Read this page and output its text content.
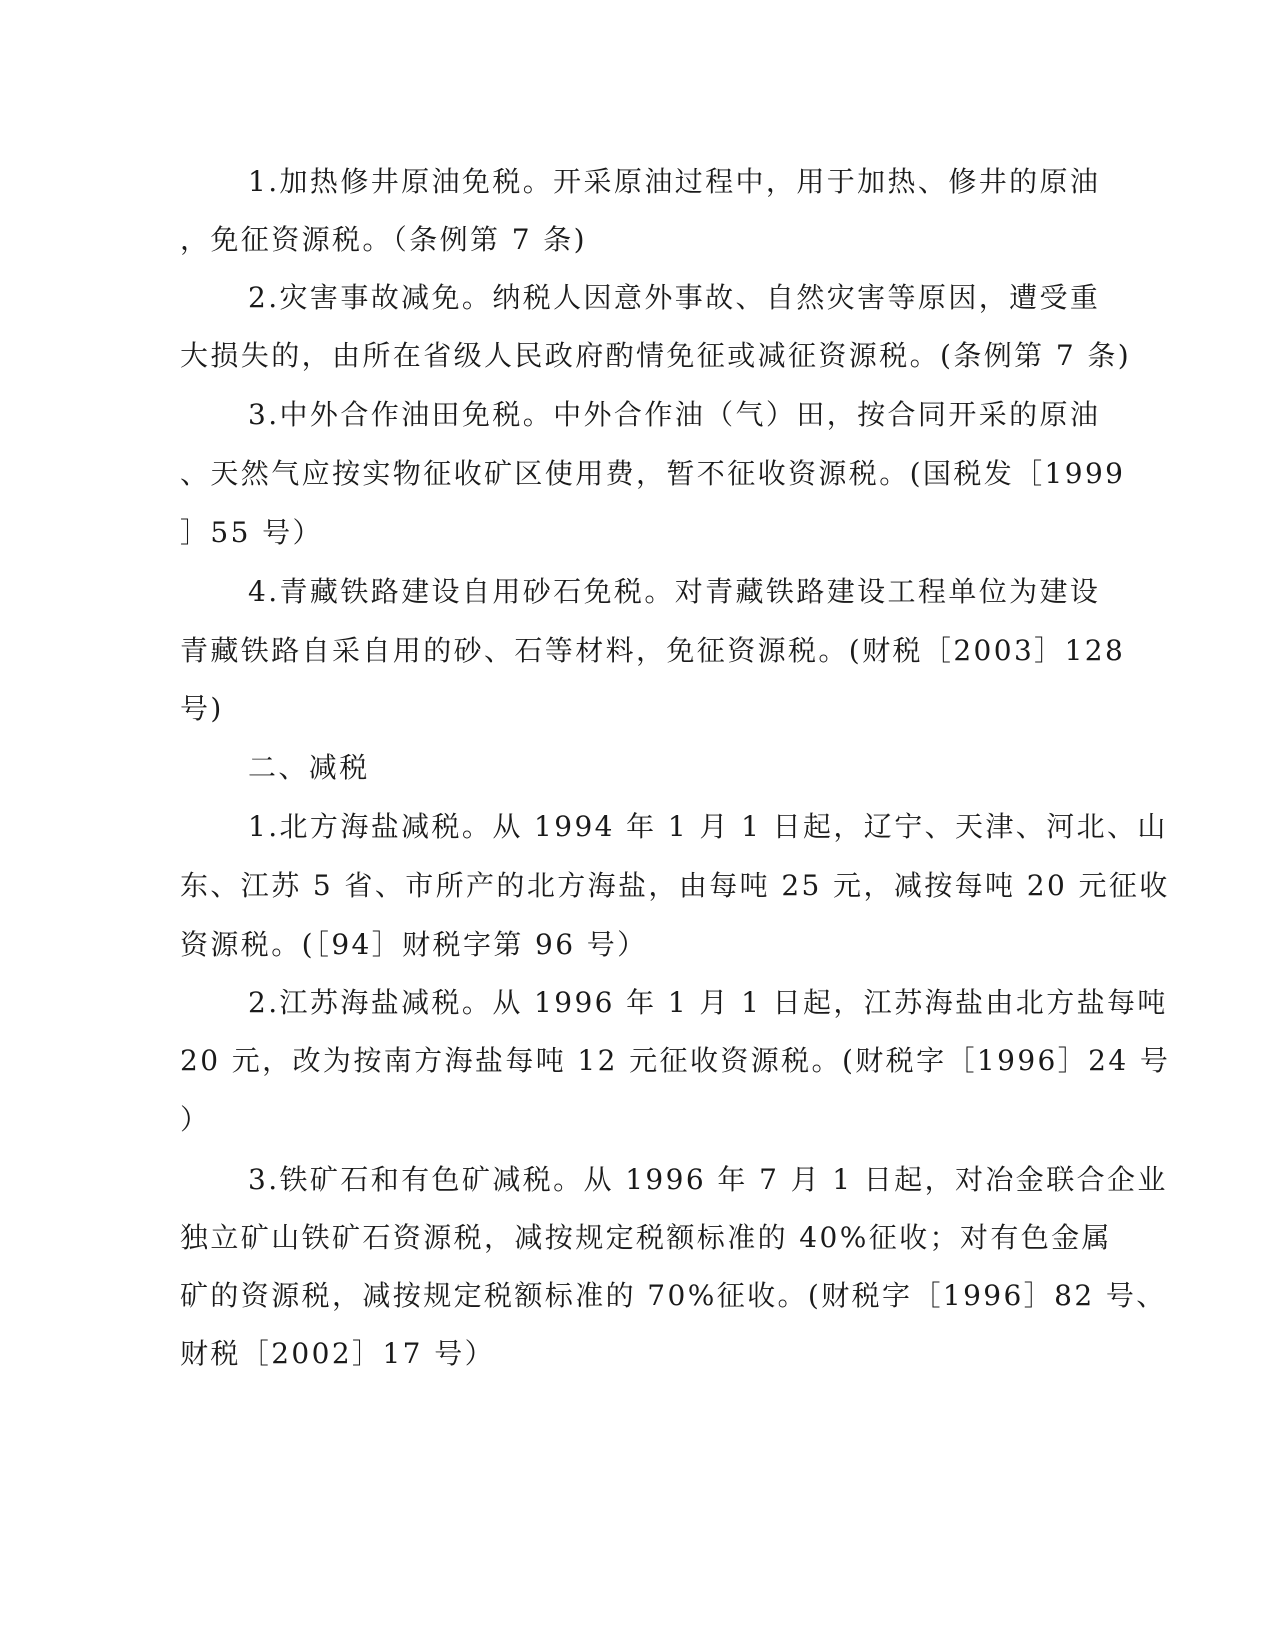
1.加热修井原油免税。开采原油过程中，用于加热、修井的原油
，免征资源税。（条例第 7 条)
2.灾害事故减免。纳税人因意外事故、自然灾害等原因，遭受重
大损失的，由所在省级人民政府酌情免征或减征资源税。(条例第 7 条)
3.中外合作油田免税。中外合作油（气）田，按合同开采的原油
、天然气应按实物征收矿区使用费，暂不征收资源税。(国税发［1999
］55 号）
4.青藏铁路建设自用砂石免税。对青藏铁路建设工程单位为建设
青藏铁路自采自用的砂、石等材料，免征资源税。(财税［2003］128
号)
二、减税
1.北方海盐减税。从 1994 年 1 月 1 日起，辽宁、天津、河北、山
东、江苏 5 省、市所产的北方海盐，由每吨 25 元，减按每吨 20 元征收
资源税。(［94］财税字第 96 号）
2.江苏海盐减税。从 1996 年 1 月 1 日起，江苏海盐由北方盐每吨
20 元，改为按南方海盐每吨 12 元征收资源税。(财税字［1996］24 号
）
3.铁矿石和有色矿减税。从 1996 年 7 月 1 日起，对冶金联合企业
独立矿山铁矿石资源税，减按规定税额标准的 40%征收；对有色金属
矿的资源税，减按规定税额标准的 70%征收。(财税字［1996］82 号、
财税［2002］17 号）
